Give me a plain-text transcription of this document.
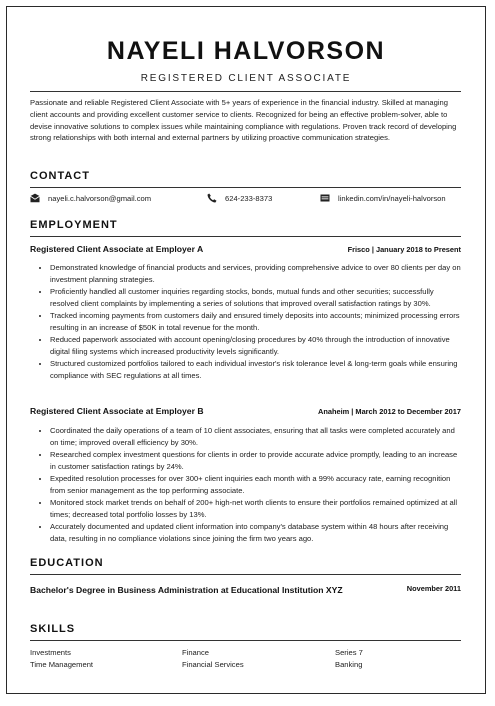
NAYELI HALVORSON
REGISTERED CLIENT ASSOCIATE
Passionate and reliable Registered Client Associate with 5+ years of experience in the financial industry. Skilled at managing client accounts and providing excellent customer service to clients. Recognized for being an effective problem-solver, able to devise innovative solutions to complex issues while maintaining compliance with regulations. Proven track record of developing strong relationships with both internal and external partners by utilizing proactive communication strategies.
CONTACT
nayeli.c.halvorson@gmail.com	624-233-8373	linkedin.com/in/nayeli-halvorson
EMPLOYMENT
Registered Client Associate at Employer A	Frisco | January 2018 to Present
• Demonstrated knowledge of financial products and services, providing comprehensive advice to over 80 clients per day on investment planning strategies.
• Proficiently handled all customer inquiries regarding stocks, bonds, mutual funds and other securities; successfully resolved client complaints by implementing a series of solutions that improved overall satisfaction ratings by 30%.
• Tracked incoming payments from customers daily and ensured timely deposits into accounts; minimized processing errors resulting in an increase of $50K in total revenue for the month.
• Reduced paperwork associated with account opening/closing procedures by 40% through the introduction of innovative digital filing systems which increased productivity levels significantly.
• Structured customized portfolios tailored to each individual investor's risk tolerance level & long-term goals while ensuring compliance with SEC regulations at all times.
Registered Client Associate at Employer B	Anaheim | March 2012 to December 2017
• Coordinated the daily operations of a team of 10 client associates, ensuring that all tasks were completed accurately and on time; improved overall efficiency by 30%.
• Researched complex investment questions for clients in order to provide accurate advice promptly, leading to an increase in customer satisfaction ratings by 24%.
• Expedited resolution processes for over 300+ client inquiries each month with a 99% accuracy rate, earning recognition from senior management as the top performing associate.
• Monitored stock market trends on behalf of 200+ high-net worth clients to ensure their portfolios remained optimized at all times; decreased total portfolio losses by 13%.
• Accurately documented and updated client information into company's database system within 48 hours after receiving data, resulting in no compliance violations since joining the firm two years ago.
EDUCATION
Bachelor's Degree in Business Administration at Educational Institution XYZ	November 2011
SKILLS
Investments	Finance	Series 7
Time Management	Financial Services	Banking
